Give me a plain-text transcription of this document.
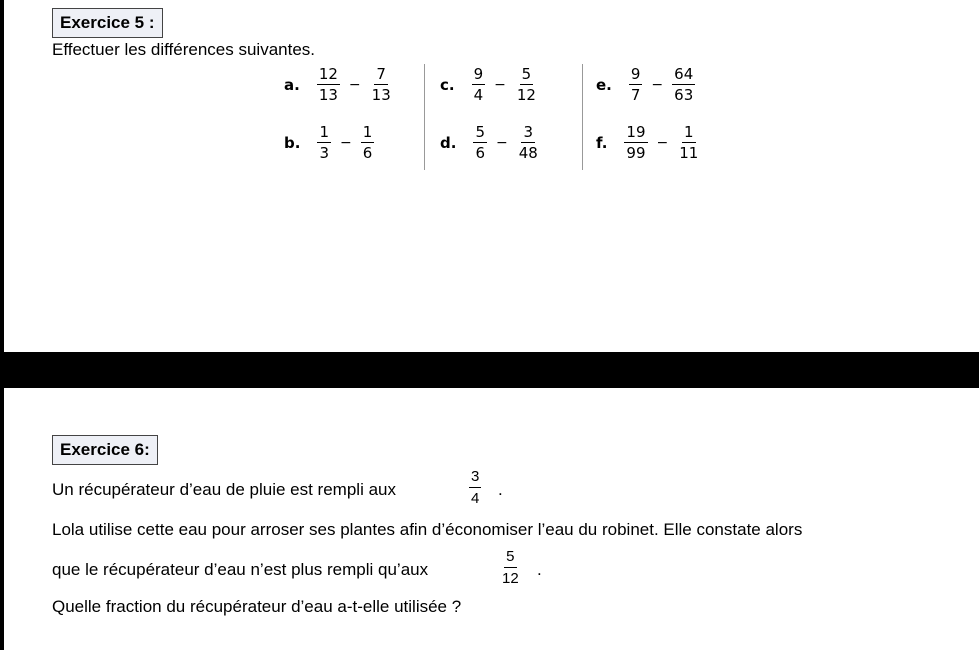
Exercice 5 :
Effectuer les différences suivantes.
a. $\frac{12}{13} - \frac{7}{13}$
b. $\frac{1}{3} - \frac{1}{6}$
c. $\frac{9}{4} - \frac{5}{12}$
d. $\frac{5}{6} - \frac{3}{48}$
e. $\frac{9}{7} - \frac{64}{63}$
f. $\frac{19}{99} - \frac{1}{11}$
Exercice 6:
Un récupérateur d’eau de pluie est rempli aux	$\frac{3}{4}$ .
Lola utilise cette eau pour arroser ses plantes afin d’économiser l’eau du robinet. Elle constate alors
que le récupérateur d’eau n’est plus rempli qu’aux	$\frac{5}{12}$ .
Quelle fraction du récupérateur d’eau a-t-elle utilisée ?
